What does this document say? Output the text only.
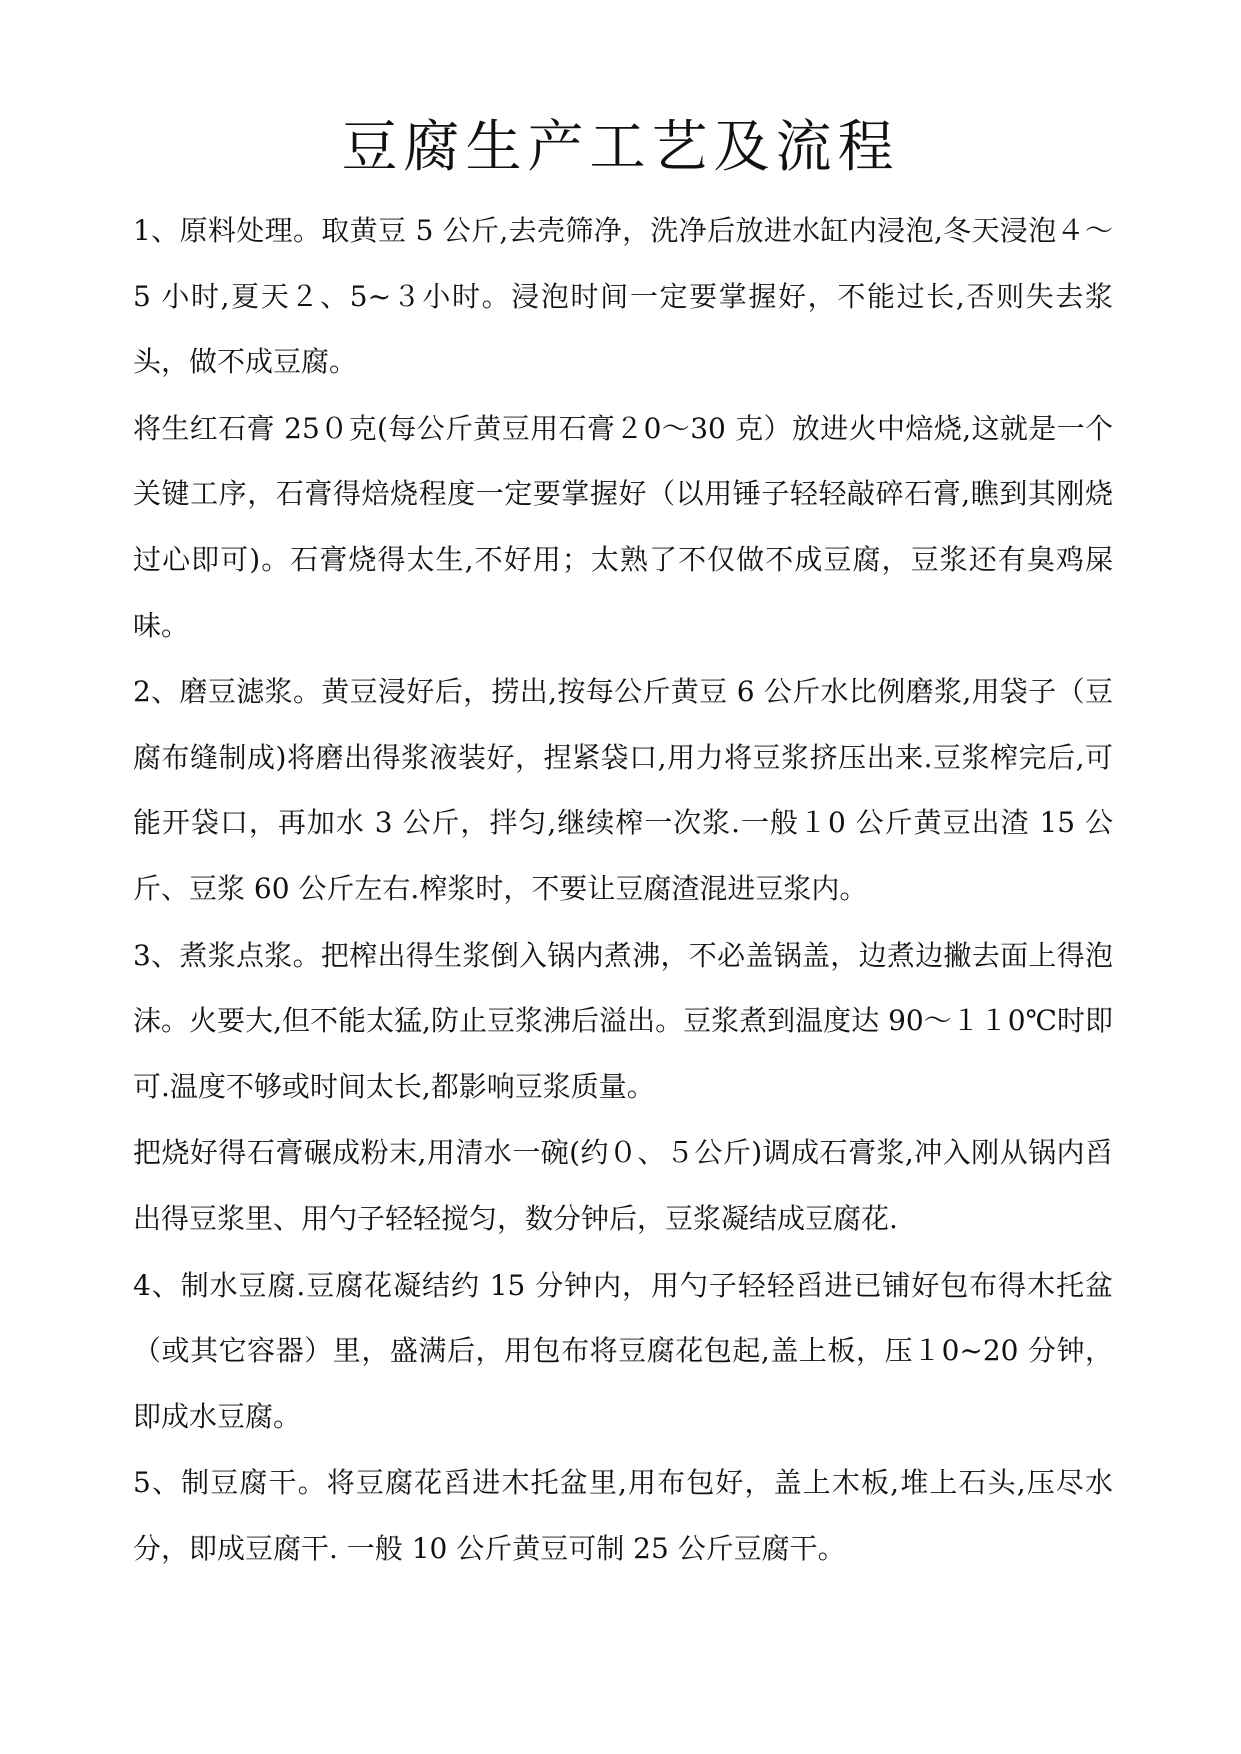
豆腐生产工艺及流程

1、原料处理。取黄豆 5 公斤,去壳筛净，洗净后放进水缸内浸泡,冬天浸泡４～5 小时,夏天２、5~３小时。浸泡时间一定要掌握好，不能过长,否则失去浆头，做不成豆腐。

将生红石膏 25０克(每公斤黄豆用石膏２0～30 克）放进火中焙烧,这就是一个关键工序，石膏得焙烧程度一定要掌握好（以用锤子轻轻敲碎石膏,瞧到其刚烧过心即可)。石膏烧得太生,不好用；太熟了不仅做不成豆腐，豆浆还有臭鸡屎味。

2、磨豆滤浆。黄豆浸好后，捞出,按每公斤黄豆 6 公斤水比例磨浆,用袋子（豆腐布缝制成)将磨出得浆液装好，捏紧袋口,用力将豆浆挤压出来.豆浆榨完后,可能开袋口，再加水 3 公斤，拌匀,继续榨一次浆.一般１0 公斤黄豆出渣 15 公斤、豆浆 60 公斤左右.榨浆时，不要让豆腐渣混进豆浆内。

3、煮浆点浆。把榨出得生浆倒入锅内煮沸，不必盖锅盖，边煮边撇去面上得泡沫。火要大,但不能太猛,防止豆浆沸后溢出。豆浆煮到温度达 90～１１0℃时即可.温度不够或时间太长,都影响豆浆质量。

把烧好得石膏碾成粉末,用清水一碗(约０、５公斤)调成石膏浆,冲入刚从锅内舀出得豆浆里、用勺子轻轻搅匀，数分钟后，豆浆凝结成豆腐花.

4、制水豆腐.豆腐花凝结约 15 分钟内，用勺子轻轻舀进已铺好包布得木托盆（或其它容器）里，盛满后，用包布将豆腐花包起,盖上板，压１0~20 分钟，即成水豆腐。

5、制豆腐干。将豆腐花舀进木托盆里,用布包好，盖上木板,堆上石头,压尽水分，即成豆腐干. 一般 10 公斤黄豆可制 25 公斤豆腐干。
